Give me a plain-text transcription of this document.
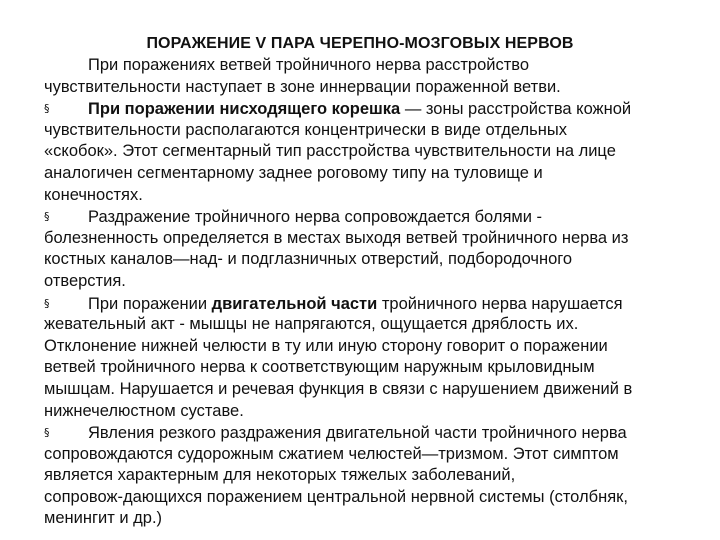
ПОРАЖЕНИЕ V ПАРА ЧЕРЕПНО-МОЗГОВЫХ НЕРВОВ
При поражениях ветвей тройничного нерва расстройство
чувствительности наступает в зоне иннервации пораженной ветви.
§ При поражении нисходящего корешка — зоны расстройства кожной
чувствительности располагаются концентрически в виде отдельных
«скобок». Этот сегментарный тип расстройства чувствительности на лице
аналогичен сегментарному заднее роговому типу на туловище и
конечностях.
§ Раздражение тройничного нерва сопровождается болями -
болезненность определяется в местах выходя ветвей тройничного нерва из
костных каналов—над- и подглазничных отверстий, подбородочного
отверстия.
§ При поражении двигательной части тройничного нерва нарушается
жевательный акт - мышцы не напрягаются, ощущается дряблость их.
Отклонение нижней челюсти в ту или иную сторону говорит о поражении
ветвей тройничного нерва к соответствующим наружным крыловидным
мышцам. Нарушается и речевая функция в связи с нарушением движений в
нижнечелюстном суставе.
§ Явления резкого раздражения двигательной части тройничного нерва
сопровождаются судорожным сжатием челюстей—тризмом. Этот симптом
является характерным для некоторых тяжелых заболеваний,
сопровож-дающихся поражением центральной нервной системы (столбняк,
менингит и др.)
